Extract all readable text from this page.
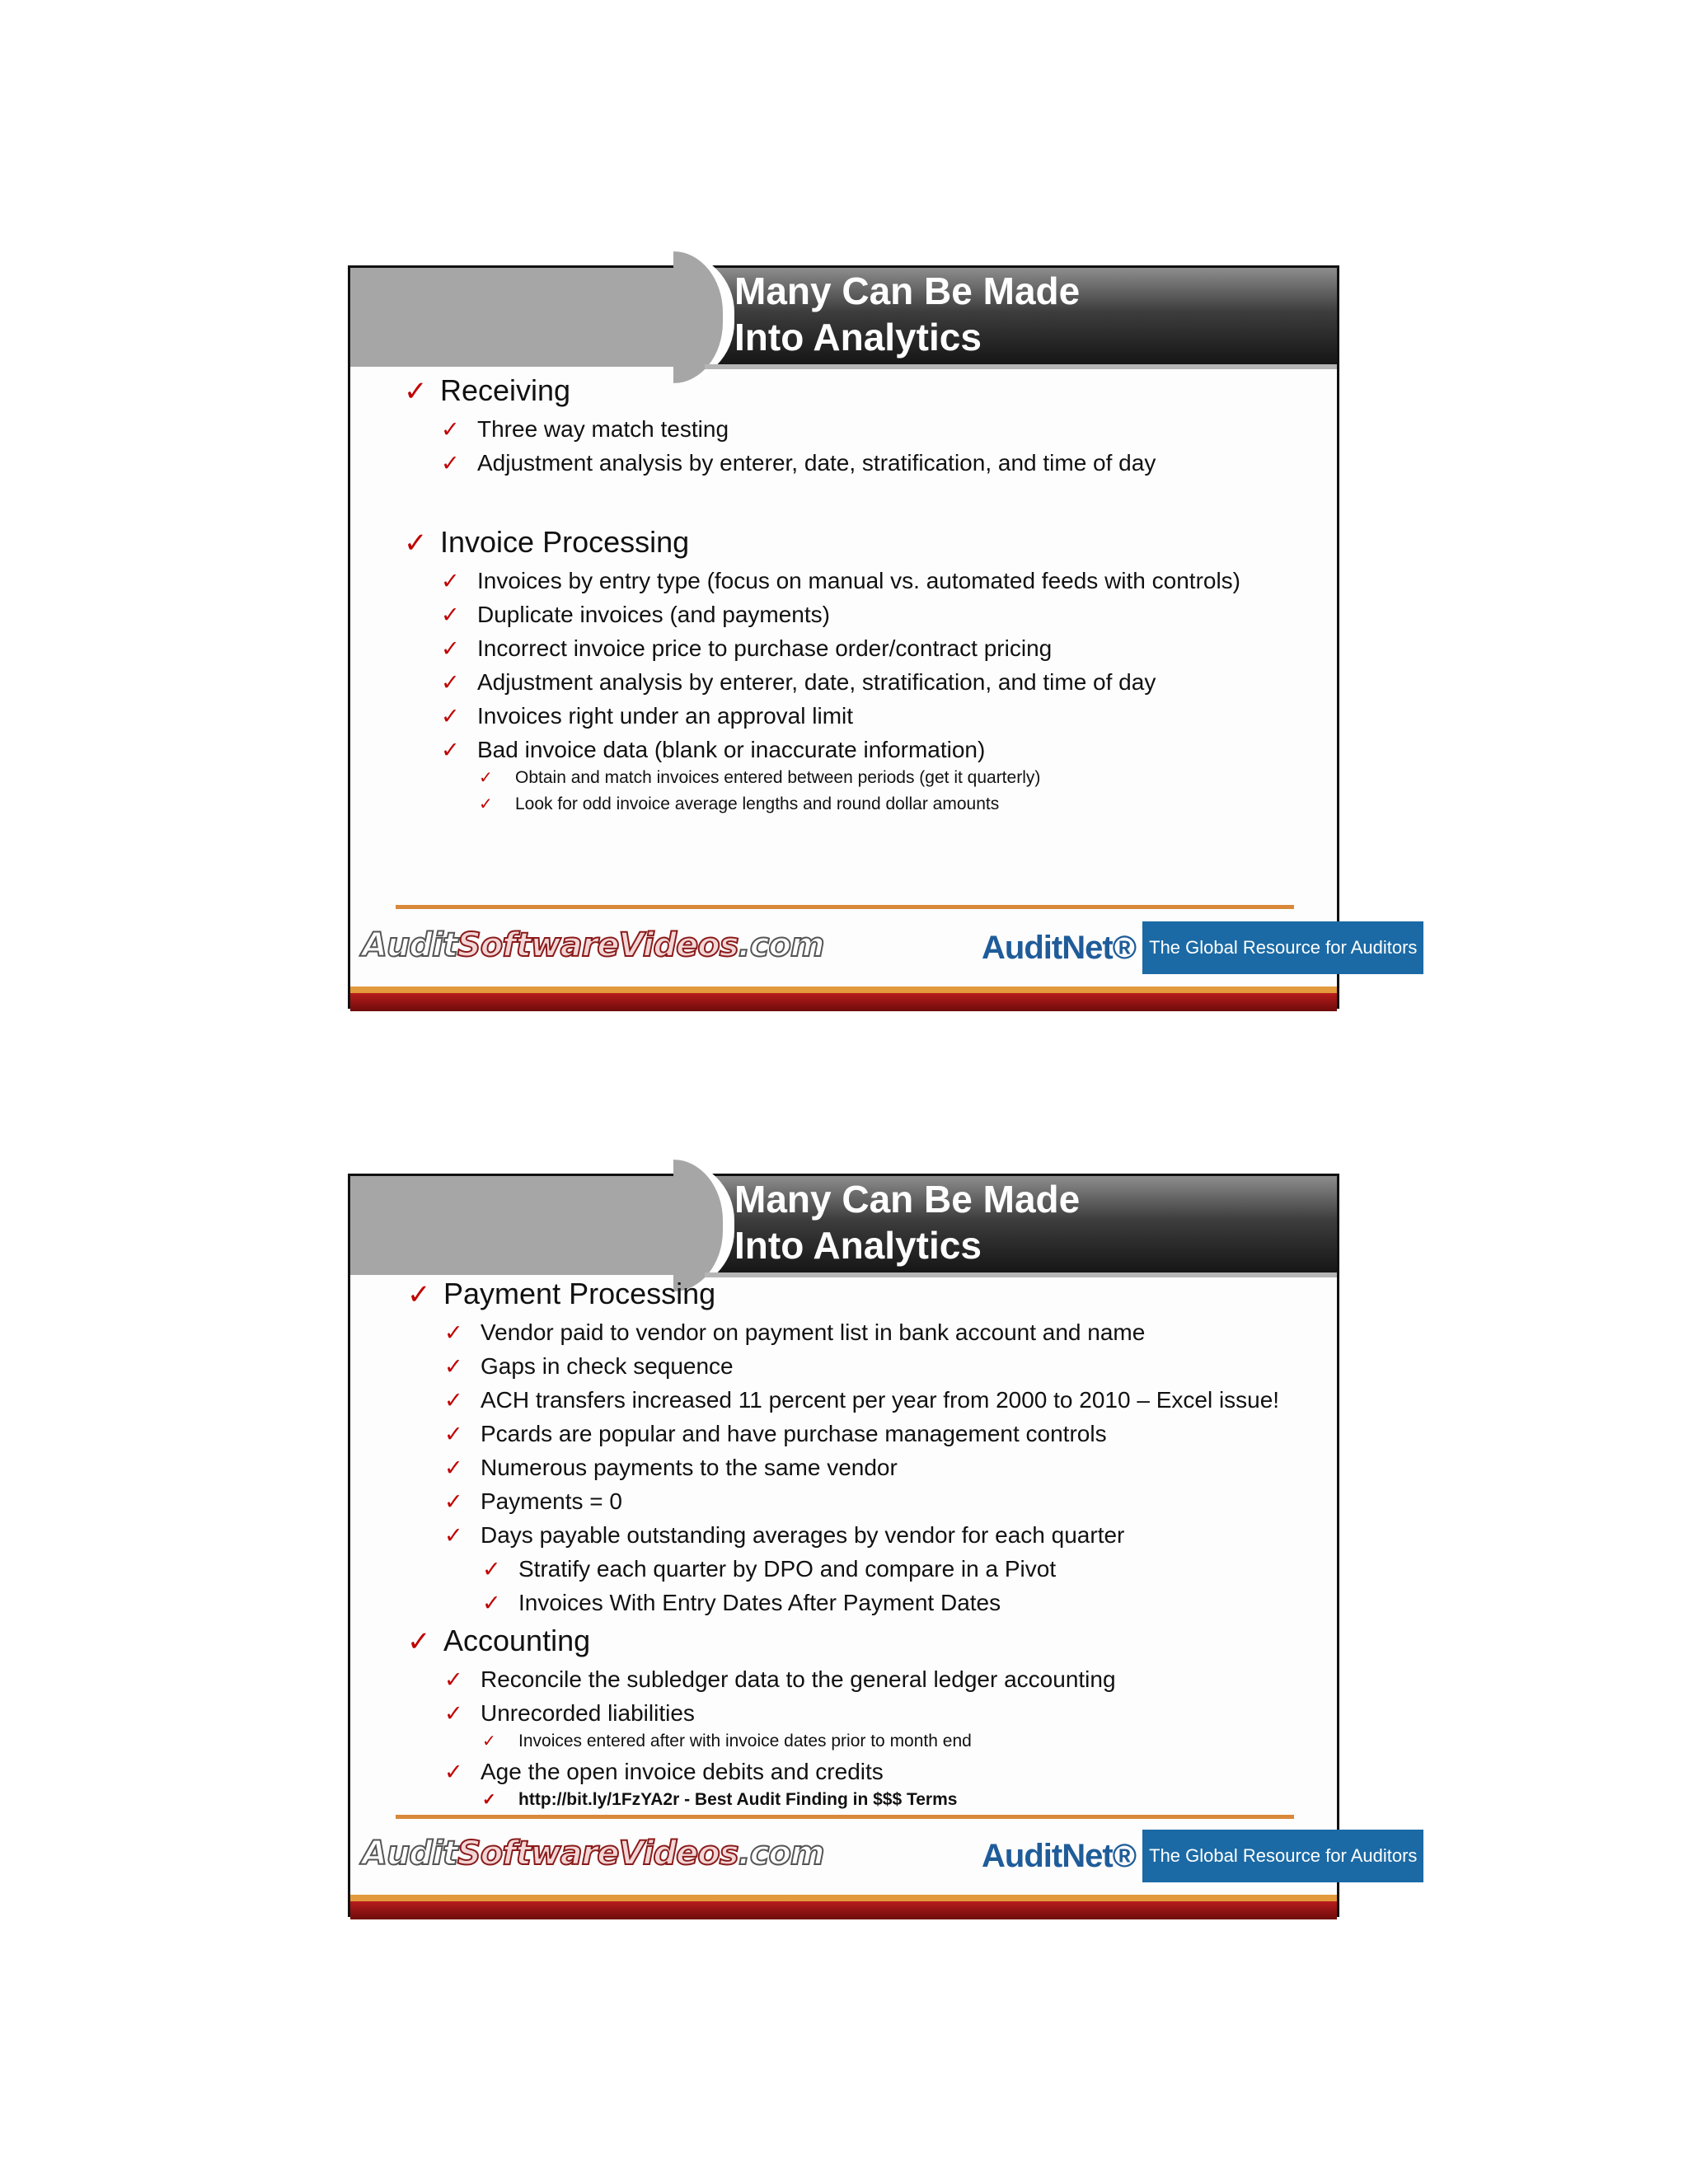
Many Can Be Made
Into Analytics
✓ Receiving
✓ Three way match testing
✓ Adjustment analysis by enterer, date, stratification, and time of day
✓ Invoice Processing
✓ Invoices by entry type (focus on manual vs. automated feeds with controls)
✓ Duplicate invoices (and payments)
✓ Incorrect invoice price to purchase order/contract pricing
✓ Adjustment analysis by enterer, date, stratification, and time of day
✓ Invoices right under an approval limit
✓ Bad invoice data (blank or inaccurate information)
✓ Obtain and match invoices entered between periods (get it quarterly)
✓ Look for odd invoice average lengths and round dollar amounts
AuditSoftwareVideos.com	AuditNet® The Global Resource for Auditors
Many Can Be Made
Into Analytics
✓ Payment Processing
✓ Vendor paid to vendor on payment list in bank account and name
✓ Gaps in check sequence
✓ ACH transfers increased 11 percent per year from 2000 to 2010 – Excel issue!
✓ Pcards are popular and have purchase management controls
✓ Numerous payments to the same vendor
✓ Payments = 0
✓ Days payable outstanding averages by vendor for each quarter
✓ Stratify each quarter by DPO and compare in a Pivot
✓ Invoices With Entry Dates After Payment Dates
✓ Accounting
✓ Reconcile the subledger data to the general ledger accounting
✓ Unrecorded liabilities
✓ Invoices entered after with invoice dates prior to month end
✓ Age the open invoice debits and credits
✓ http://bit.ly/1FzYA2r - Best Audit Finding in $$$ Terms
AuditSoftwareVideos.com	AuditNet® The Global Resource for Auditors
